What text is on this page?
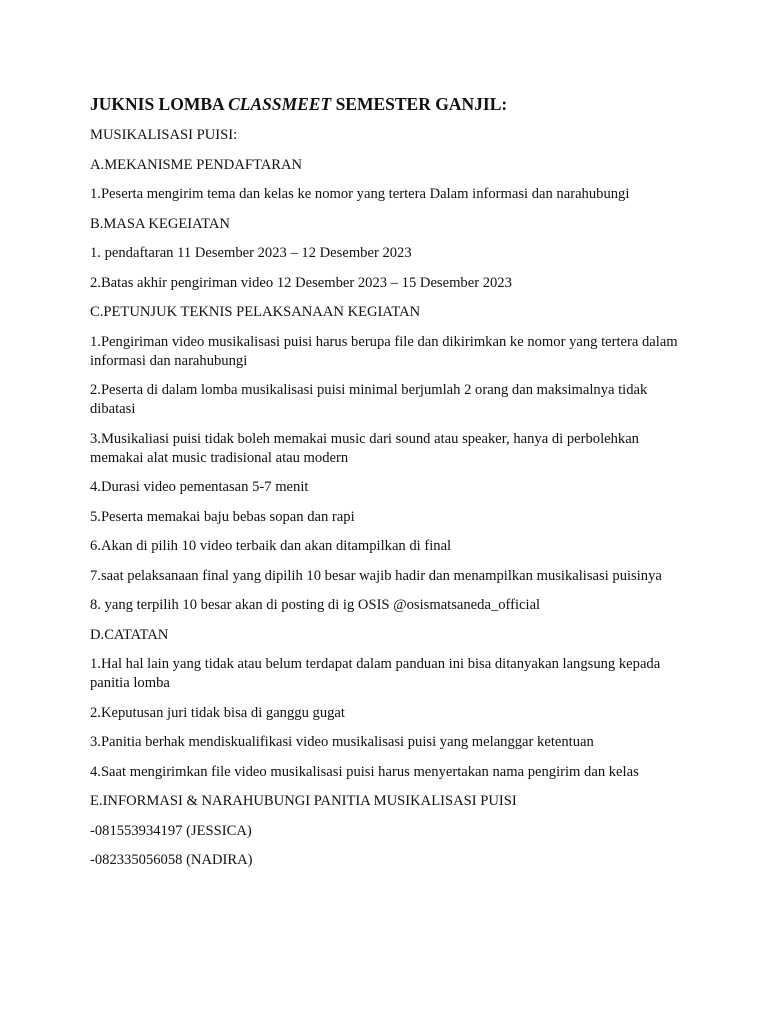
JUKNIS LOMBA CLASSMEET SEMESTER GANJIL:

MUSIKALISASI PUISI:

A.MEKANISME PENDAFTARAN

1.Peserta mengirim tema dan kelas ke nomor yang tertera Dalam informasi dan narahubungi

B.MASA KEGEIATAN

1. pendaftaran 11 Desember 2023 – 12 Desember 2023

2.Batas akhir pengiriman video 12 Desember 2023 – 15 Desember 2023

C.PETUNJUK TEKNIS PELAKSANAAN KEGIATAN

1.Pengiriman video musikalisasi puisi harus berupa file dan dikirimkan ke nomor yang tertera dalam informasi dan narahubungi

2.Peserta di dalam lomba musikalisasi puisi minimal berjumlah 2 orang dan maksimalnya tidak dibatasi

3.Musikaliasi puisi tidak boleh memakai music dari sound atau speaker, hanya di perbolehkan memakai alat music tradisional atau modern

4.Durasi video pementasan 5-7 menit

5.Peserta memakai baju bebas sopan dan rapi

6.Akan di pilih 10 video terbaik dan akan ditampilkan di final

7.saat pelaksanaan final yang dipilih 10 besar wajib hadir dan menampilkan musikalisasi puisinya

8. yang terpilih 10 besar akan di posting di ig OSIS @osismatsaneda_official

D.CATATAN

1.Hal hal lain yang tidak atau belum terdapat dalam panduan ini bisa ditanyakan langsung kepada panitia lomba

2.Keputusan juri tidak bisa di ganggu gugat

3.Panitia berhak mendiskualifikasi video musikalisasi puisi yang melanggar ketentuan

4.Saat mengirimkan file video musikalisasi puisi harus menyertakan nama pengirim dan kelas

E.INFORMASI & NARAHUBUNGI PANITIA MUSIKALISASI PUISI

-081553934197 (JESSICA)

-082335056058 (NADIRA)
